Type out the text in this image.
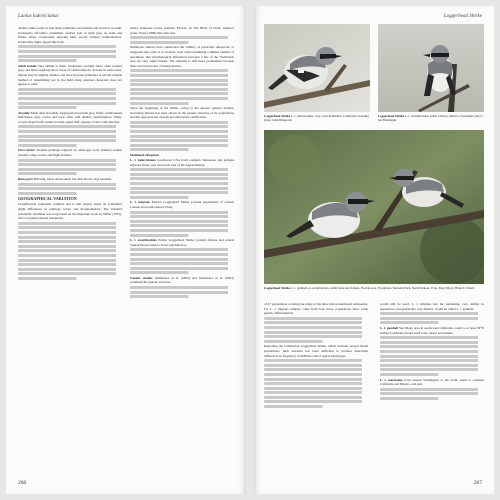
Lanius ludovicianus

distinct white patch on base inner primaries; secondaries and rectrices as adult. Underparts off-white; sometimes washed pale or light grey on sides and flanks. Irises occasionally showing faint, poorly defined vermiculations. Underwing slight, tipped like back.

Adult female Very similar to male. Underparts possibly more often washed grey, and more regularly show traces of vermiculations. At least in some areas, female may be slightly smaller, and have browner primaries. A wholly reliable method of determining sex in the field using external characters does not appear to exist.

Juvenile Mask dark brownish. Upperparts brownish grey, finely vermiculated buff/darker grey, crown and back often with distinct vermiculation. Wing-coverts tipped buff; tertials broadly edged buff; greater coverts with pale tips.

First-winter Juvenile plumage replaced by adult-type body feathers; retains juvenile wing-coverts and flight feathers.

Bare parts Bill long, black and hooked; iris dark brown; legs blackish.

GEOGRAPHICAL VARIATION

Classification somewhat complex and is still largely based on sometimes slight differences in plumage colour and morphometrics. The standard systematic treatment was long based on the important work by Miller (1931), who recognised eleven subspecies.

added numerous forms southern Florida. In The Birds of North America series, Yosef (1996) lists nine taxa.

Numerous authors have questioned the validity of particular subspecies or suggested new ones. It is obvious, even when examining a limited number of specimens, that morphological differences between a few of the 'traditional' taxa are very slight indeed. The situation is still more problematic because there are broad zones of intergradation.

Since the beginning of the 2000s, owing to the species' general decline, increasing interest has been shown in the genetic structure of its populations and this approach has already provided some clarification.

Mainland subspecies

L. l. ludovicianus (south-east USA from southern Tennessee and perhaps adjacent Texas, east and north, east of the Appalachians).

L. l. migrans Eastern Loggerhead Shrike (central populations of eastern Canada and north-eastern USA).

L. l. excubitorides Prairie Loggerhead Shrike (central Alberta and central Saskatchewan south to Texas and Mexico).

Genetic studies Vallianatos et al. (2002) and Vallianatos et al. (2001) examined the genetic structure.

266
Loggerhead Shrike
Loggerhead Shrike L. l. ludovicianus, very worn individual, California, breeding (Jun). John Ringwald.
Loggerhead Shrike L. l. excubitorides, Adult, Ottawa, Mexico, November (Nov) Ian Brannigan.
Loggerhead Shrike L. l. gambeli or excubitorides, Adult male and female, Florida area, Everglades National Park, North Dakota, USA, May (May). Brian E. Small.

of 27 populations covering the range of the three above-mentioned subspecies. For L. l. migrans samples come from four areas; populations show some genetic differentiation.

Regarding the Californian Loggerhead Shrike, which includes several island populations, their isolation has been sufficient to produce detectable differences in frequency of mtDNA control region haplotypes.

would still be used. L. l. migrans has the remaining, very similar in appearance, but genetically very distinct, would be called L. l. gambeli.

L. l. gambeli San Diego area in south-west California, south to at least 30°N in Baja California except Gulf coast, desert and islands.

L. l. mexicanus from eastern Washington to the north, south to southern California and Mexico, and east.

267
